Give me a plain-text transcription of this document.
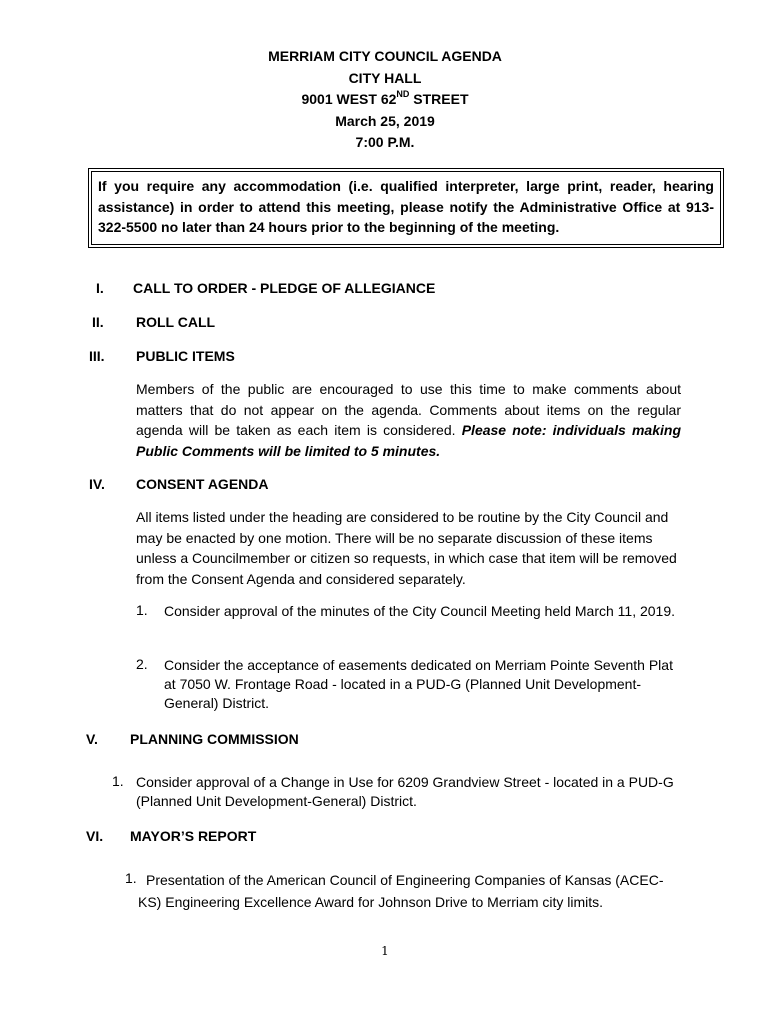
MERRIAM CITY COUNCIL AGENDA
CITY HALL
9001 WEST 62ND STREET
March 25, 2019
7:00 P.M.
If you require any accommodation (i.e. qualified interpreter, large print, reader, hearing assistance) in order to attend this meeting, please notify the Administrative Office at 913-322-5500 no later than 24 hours prior to the beginning of the meeting.
I. CALL TO ORDER - PLEDGE OF ALLEGIANCE
II. ROLL CALL
III. PUBLIC ITEMS
Members of the public are encouraged to use this time to make comments about matters that do not appear on the agenda. Comments about items on the regular agenda will be taken as each item is considered. Please note: individuals making Public Comments will be limited to 5 minutes.
IV. CONSENT AGENDA
All items listed under the heading are considered to be routine by the City Council and may be enacted by one motion. There will be no separate discussion of these items unless a Councilmember or citizen so requests, in which case that item will be removed from the Consent Agenda and considered separately.
1. Consider approval of the minutes of the City Council Meeting held March 11, 2019.
2. Consider the acceptance of easements dedicated on Merriam Pointe Seventh Plat at 7050 W. Frontage Road - located in a PUD-G (Planned Unit Development-General) District.
V. PLANNING COMMISSION
1. Consider approval of a Change in Use for 6209 Grandview Street - located in a PUD-G (Planned Unit Development-General) District.
VI. MAYOR’S REPORT
1. Presentation of the American Council of Engineering Companies of Kansas (ACEC-KS) Engineering Excellence Award for Johnson Drive to Merriam city limits.
1
